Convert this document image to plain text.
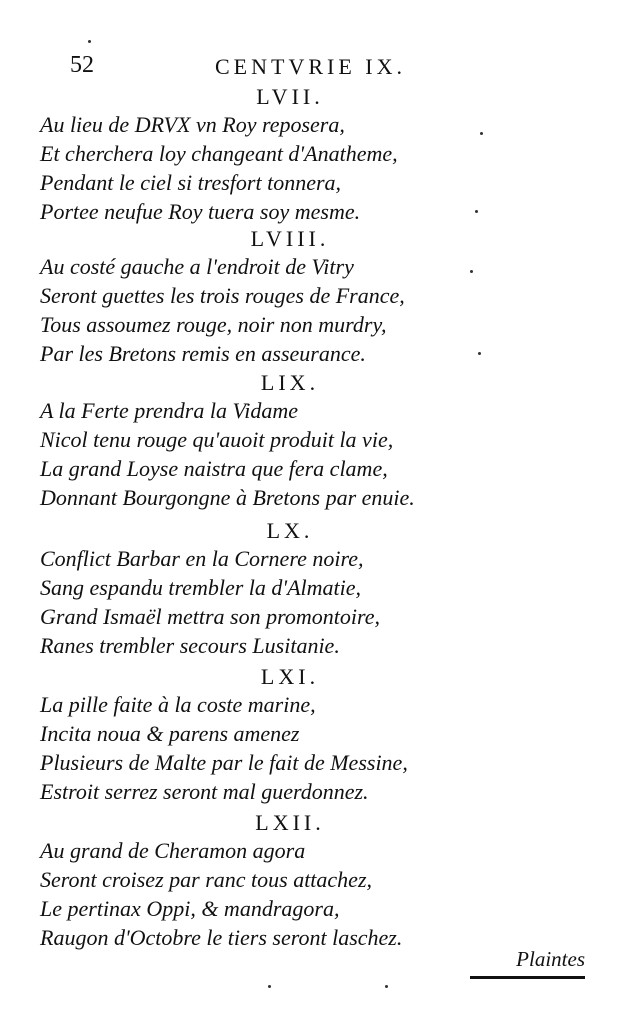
52	CENTVRIE IX.
LVII.
Au lieu de DRVX vn Roy reposera,
Et cherchera loy changeant d'Anatheme,
Pendant le ciel si tresfort tonnera,
Portee neufue Roy tuera soy mesme.
LVIII.
Au costé gauche a l'endroit de Vitry
Seront guettes les trois rouges de France,
Tous assoumez rouge, noir non murdry,
Par les Bretons remis en asseurance.
LIX.
A la Ferte prendra la Vidame
Nicol tenu rouge qu'auoit produit la vie,
La grand Loyse naistra que fera clame,
Donnant Bourgongne à Bretons par enuie.
LX.
Conflict Barbar en la Cornere noire,
Sang espandu trembler la d'Almatie,
Grand Ismaël mettra son promontoire,
Ranes trembler secours Lusitanie.
LXI.
La pille faite à la coste marine,
Incita noua & parens amenez
Plusieurs de Malte par le fait de Messine,
Estroit serrez seront mal guerdonnez.
LXII.
Au grand de Cheramon agora
Seront croisez par ranc tous attachez,
Le pertinax Oppi, & mandragora,
Raugon d'Octobre le tiers seront laschez.
Plaintes
